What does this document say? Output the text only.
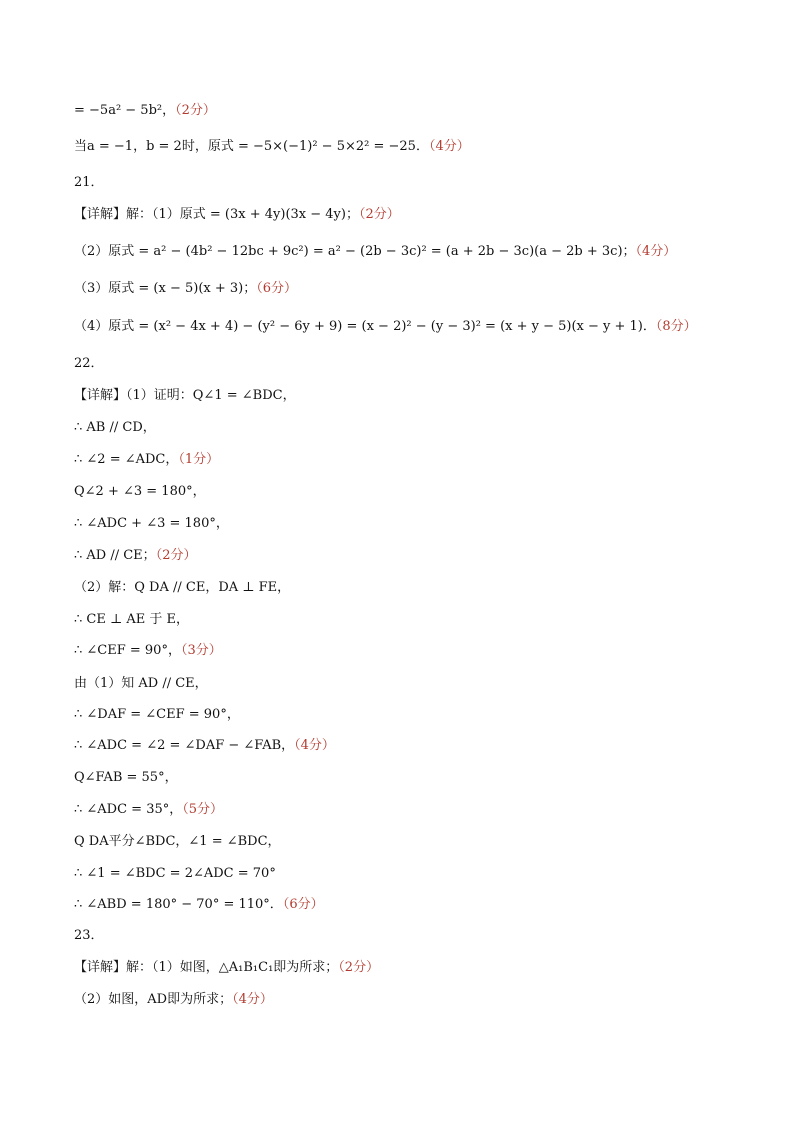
= −5a² − 5b²，（2分）
当a = −1，b = 2时，原式 = −5×(−1)² − 5×2² = −25．（4分）
21．
【详解】解：（1）原式 = (3x + 4y)(3x − 4y)；（2分）
（2）原式 = a² − (4b² − 12bc + 9c²) = a² − (2b − 3c)² = (a + 2b − 3c)(a − 2b + 3c)；（4分）
（3）原式 = (x − 5)(x + 3)；（6分）
（4）原式 = (x² − 4x + 4) − (y² − 6y + 9) = (x − 2)² − (y − 3)² = (x + y − 5)(x − y + 1)．（8分）
22．
【详解】（1）证明：Q∠1 = ∠BDC，
∴ AB // CD，
∴ ∠2 = ∠ADC，（1分）
Q∠2 + ∠3 = 180°，
∴ ∠ADC + ∠3 = 180°，
∴ AD // CE；（2分）
（2）解：Q DA // CE，DA ⊥ FE，
∴ CE ⊥ AE 于 E，
∴ ∠CEF = 90°，（3分）
由（1）知 AD // CE，
∴ ∠DAF = ∠CEF = 90°，
∴ ∠ADC = ∠2 = ∠DAF − ∠FAB，（4分）
Q∠FAB = 55°，
∴ ∠ADC = 35°，（5分）
Q DA平分∠BDC，∠1 = ∠BDC，
∴ ∠1 = ∠BDC = 2∠ADC = 70°
∴ ∠ABD = 180° − 70° = 110°．（6分）
23．
【详解】解：（1）如图，△A₁B₁C₁即为所求；（2分）
（2）如图，AD即为所求；（4分）
